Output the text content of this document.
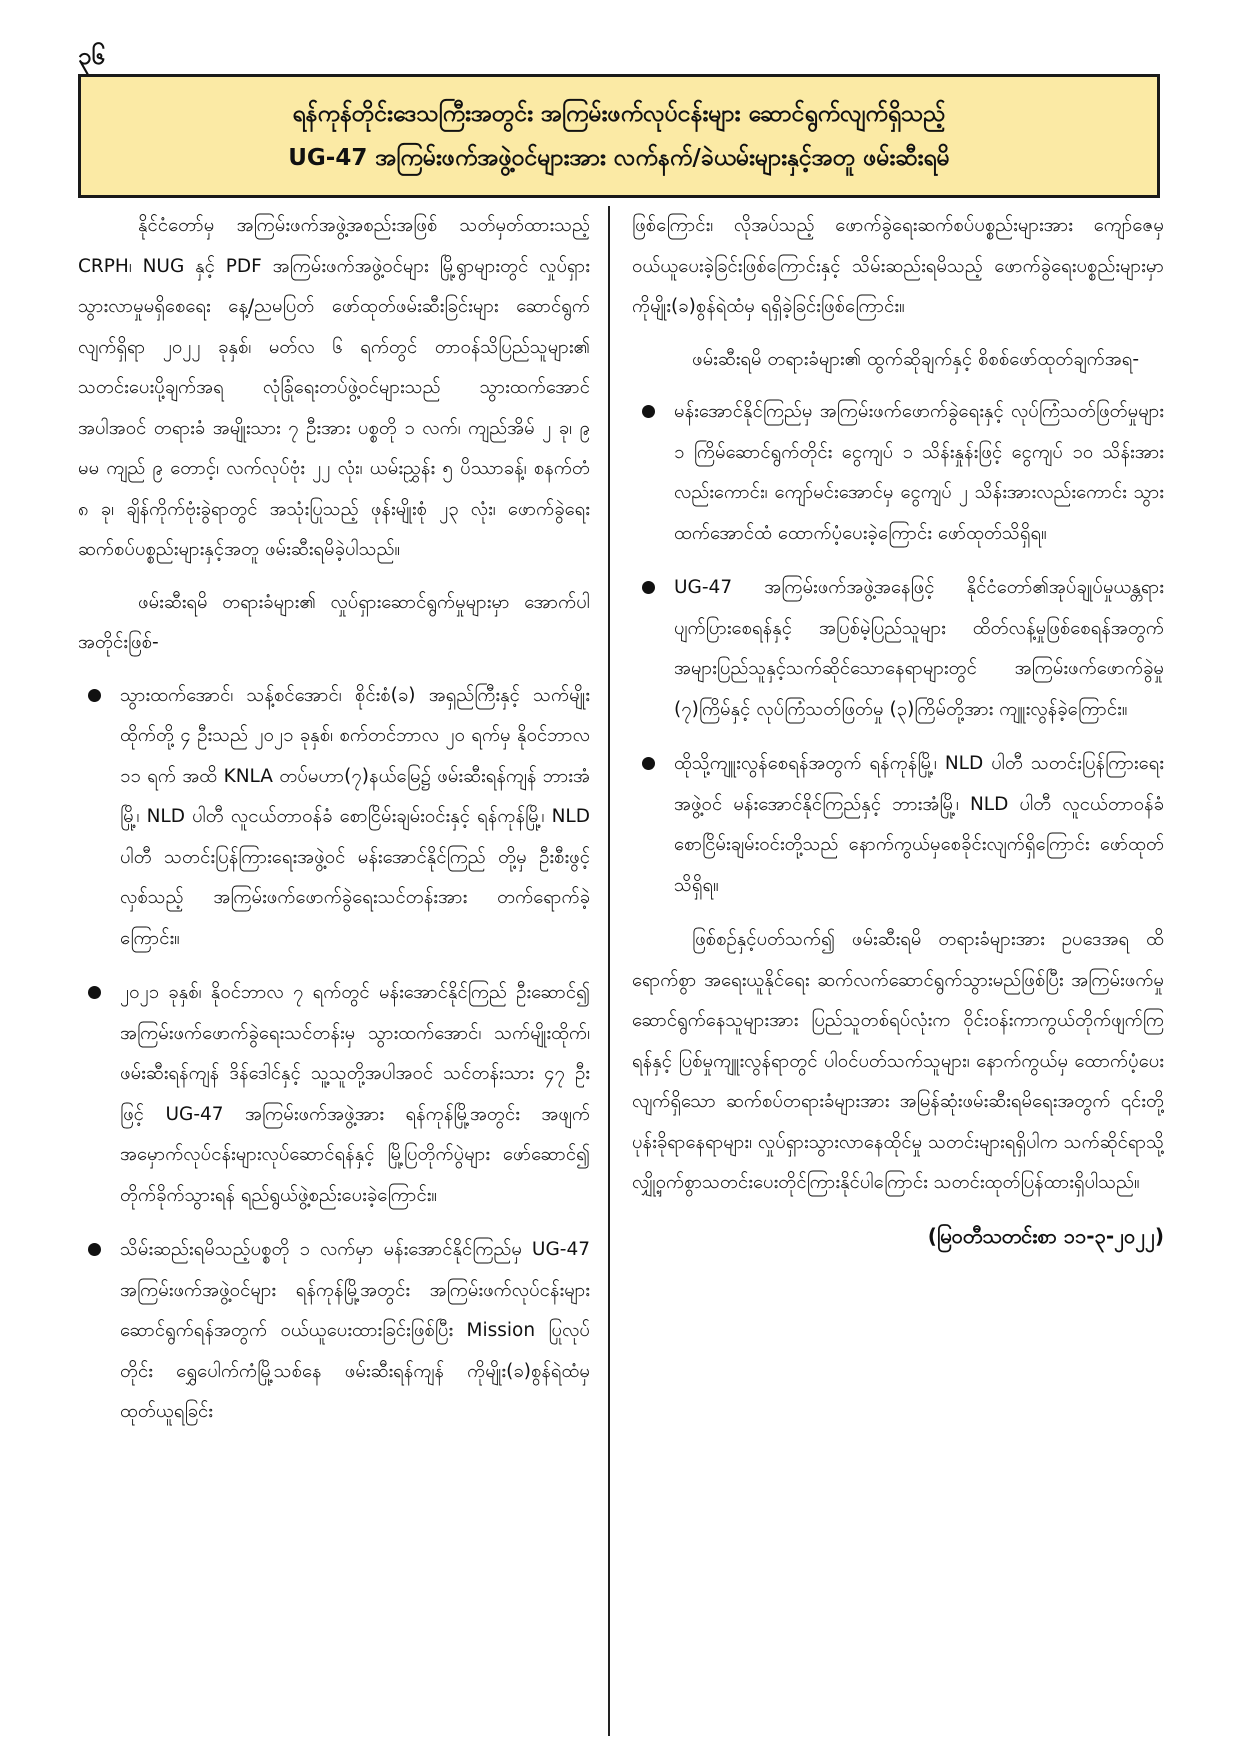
၃၆
ရန်ကုန်တိုင်းဒေသကြီးအတွင်း အကြမ်းဖက်လုပ်ငန်းများ ဆောင်ရွက်လျက်ရှိသည့်
UG-47 အကြမ်းဖက်အဖွဲ့ဝင်များအား လက်နက်/ခဲယမ်းများနှင့်အတူ ဖမ်းဆီးရမိ

နိုင်ငံတော်မှ အကြမ်းဖက်အဖွဲ့အစည်းအဖြစ် သတ်မှတ်ထားသည့် CRPH၊ NUG နှင့် PDF အကြမ်းဖက်အဖွဲ့ဝင်များ မြို့ရွာများတွင် လှုပ်ရှားသွားလာမှုမရှိစေရေး နေ့/ညမပြတ် ဖော်ထုတ်ဖမ်းဆီးခြင်းများ ဆောင်ရွက်လျက်ရှိရာ ၂၀၂၂ ခုနှစ်၊ မတ်လ ၆ ရက်တွင် တာဝန်သိပြည်သူများ၏ သတင်းပေးပို့ချက်အရ လုံခြုံရေးတပ်ဖွဲ့ဝင်များသည် သွားထက်အောင်အပါအဝင် တရားခံ အမျိုးသား ၇ ဦးအား ပစ္စတို ၁ လက်၊ ကျည်အိမ် ၂ ခု၊ ၉ မမ ကျည် ၉ တောင့်၊ လက်လုပ်ဗုံး ၂၂ လုံး၊ ယမ်းညွှန်း ၅ ပိဿာခန့်၊ စနက်တံ ၈ ခု၊ ချိန်ကိုက်ဗုံးခွဲရာတွင် အသုံးပြုသည့် ဖုန်းမျိုးစုံ ၂၃ လုံး၊ ဖောက်ခွဲရေးဆက်စပ်ပစ္စည်းများနှင့်အတူ ဖမ်းဆီးရမိခဲ့ပါသည်။

ဖမ်းဆီးရမိ တရားခံများ၏ လှုပ်ရှားဆောင်ရွက်မှုများမှာ အောက်ပါအတိုင်းဖြစ်-

သွားထက်အောင်၊ သန့်စင်အောင်၊ စိုင်းစံ(ခ) အရှည်ကြီးနှင့် သက်မျိုးထိုက်တို့ ၄ ဦးသည် ၂၀၂၁ ခုနှစ်၊ စက်တင်ဘာလ ၂၀ ရက်မှ နိုဝင်ဘာလ ၁၁ ရက် အထိ KNLA တပ်မဟာ(၇)နယ်မြေ၌ ဖမ်းဆီးရန်ကျန် ဘားအံမြို့၊ NLD ပါတီ လူငယ်တာဝန်ခံ စောငြိမ်းချမ်းဝင်းနှင့် ရန်ကုန်မြို့၊ NLD ပါတီ သတင်းပြန်ကြားရေးအဖွဲ့ဝင် မန်းအောင်နိုင်ကြည် တို့မှ ဦးစီးဖွင့်လှစ်သည့် အကြမ်းဖက်ဖောက်ခွဲရေးသင်တန်းအား တက်ရောက်ခဲ့ကြောင်း။
၂၀၂၁ ခုနှစ်၊ နိုဝင်ဘာလ ၇ ရက်တွင် မန်းအောင်နိုင်ကြည် ဦးဆောင်၍ အကြမ်းဖက်ဖောက်ခွဲရေးသင်တန်းမှ သွားထက်အောင်၊ သက်မျိုးထိုက်၊ ဖမ်းဆီးရန်ကျန် ဒိန်ဒေါင်နှင့် သူ့သူတို့အပါအဝင် သင်တန်းသား ၄၇ ဦးဖြင့် UG-47 အကြမ်းဖက်အဖွဲ့အား ရန်ကုန်မြို့အတွင်း အဖျက်အမှောက်လုပ်ငန်းများလုပ်ဆောင်ရန်နှင့် မြို့ပြတိုက်ပွဲများ ဖော်ဆောင်၍ တိုက်ခိုက်သွားရန် ရည်ရွယ်ဖွဲ့စည်းပေးခဲ့ကြောင်း။
သိမ်းဆည်းရမိသည့်ပစ္စတို ၁ လက်မှာ မန်းအောင်နိုင်ကြည်မှ UG-47 အကြမ်းဖက်အဖွဲ့ဝင်များ ရန်ကုန်မြို့အတွင်း အကြမ်းဖက်လုပ်ငန်းများဆောင်ရွက်ရန်အတွက် ဝယ်ယူပေးထားခြင်းဖြစ်ပြီး Mission ပြုလုပ်တိုင်း ရွှေပေါက်ကံမြို့သစ်နေ ဖမ်းဆီးရန်ကျန် ကိုမျိုး(ခ)စွန်ရဲထံမှ ထုတ်ယူရခြင်း

ဖြစ်ကြောင်း၊ လိုအပ်သည့် ဖောက်ခွဲရေးဆက်စပ်ပစ္စည်းများအား ကျော်ဇေမှ ဝယ်ယူပေးခဲ့ခြင်းဖြစ်ကြောင်းနှင့် သိမ်းဆည်းရမိသည့် ဖောက်ခွဲရေးပစ္စည်းများမှာ ကိုမျိုး(ခ)စွန်ရဲထံမှ ရရှိခဲ့ခြင်းဖြစ်ကြောင်း။

ဖမ်းဆီးရမိ တရားခံများ၏ ထွက်ဆိုချက်နှင့် စိစစ်ဖော်ထုတ်ချက်အရ-

မန်းအောင်နိုင်ကြည်မှ အကြမ်းဖက်ဖောက်ခွဲရေးနှင့် လုပ်ကြံသတ်ဖြတ်မှုများ ၁ ကြိမ်ဆောင်ရွက်တိုင်း ငွေကျပ် ၁ သိန်းနှုန်းဖြင့် ငွေကျပ် ၁၀ သိန်းအားလည်းကောင်း၊ ကျော်မင်းအောင်မှ ငွေကျပ် ၂ သိန်းအားလည်းကောင်း သွားထက်အောင်ထံ ထောက်ပံ့ပေးခဲ့ကြောင်း ဖော်ထုတ်သိရှိရ။
UG-47 အကြမ်းဖက်အဖွဲ့အနေဖြင့် နိုင်ငံတော်၏အုပ်ချုပ်မှုယန္တရားပျက်ပြားစေရန်နှင့် အပြစ်မဲ့ပြည်သူများ ထိတ်လန့်မှုဖြစ်စေရန်အတွက် အများပြည်သူနှင့်သက်ဆိုင်သောနေရာများတွင် အကြမ်းဖက်ဖောက်ခွဲမှု (၇)ကြိမ်နှင့် လုပ်ကြံသတ်ဖြတ်မှု (၃)ကြိမ်တို့အား ကျူးလွန်ခဲ့ကြောင်း။
ထိုသို့ကျူးလွန်စေရန်အတွက် ရန်ကုန်မြို့၊ NLD ပါတီ သတင်းပြန်ကြားရေးအဖွဲ့ဝင် မန်းအောင်နိုင်ကြည်နှင့် ဘားအံမြို့၊ NLD ပါတီ လူငယ်တာဝန်ခံ စောငြိမ်းချမ်းဝင်းတို့သည် နောက်ကွယ်မှစေခိုင်းလျက်ရှိကြောင်း ဖော်ထုတ်သိရှိရ။

ဖြစ်စဉ်နှင့်ပတ်သက်၍ ဖမ်းဆီးရမိ တရားခံများအား ဥပဒေအရ ထိရောက်စွာ အရေးယူနိုင်ရေး ဆက်လက်ဆောင်ရွက်သွားမည်ဖြစ်ပြီး အကြမ်းဖက်မှုဆောင်ရွက်နေသူများအား ပြည်သူတစ်ရပ်လုံးက ဝိုင်းဝန်းကာကွယ်တိုက်ဖျက်ကြရန်နှင့် ပြစ်မှုကျူးလွန်ရာတွင် ပါဝင်ပတ်သက်သူများ၊ နောက်ကွယ်မှ ထောက်ပံ့ပေးလျက်ရှိသော ဆက်စပ်တရားခံများအား အမြန်ဆုံးဖမ်းဆီးရမိရေးအတွက် ၎င်းတို့ပုန်းခိုရာနေရာများ၊ လှုပ်ရှားသွားလာနေထိုင်မှု သတင်းများရရှိပါက သက်ဆိုင်ရာသို့ လျှို့ဝှက်စွာသတင်းပေးတိုင်ကြားနိုင်ပါကြောင်း သတင်းထုတ်ပြန်ထားရှိပါသည်။

(မြဝတီသတင်းစာ ၁၁-၃-၂၀၂၂)
